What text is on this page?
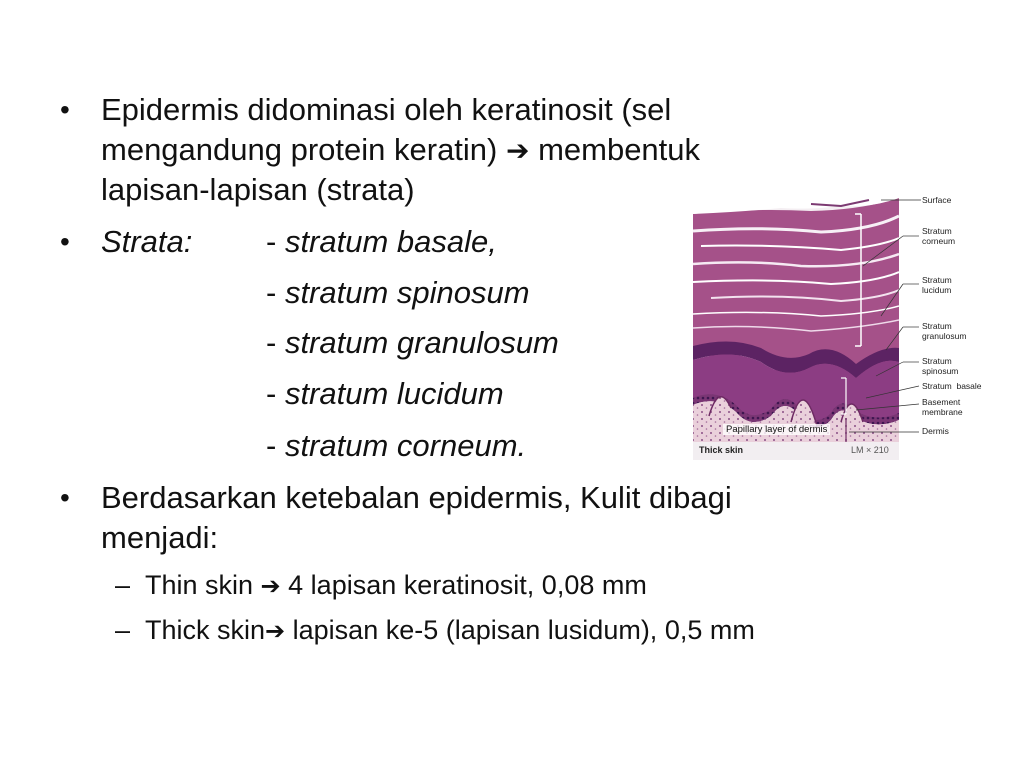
• Epidermis didominasi oleh keratinosit (sel
mengandung protein keratin) ➔ membentuk
lapisan-lapisan (strata)
• Strata: - stratum basale,
- stratum spinosum
- stratum granulosum
- stratum lucidum
- stratum corneum.
• Berdasarkan ketebalan epidermis, Kulit dibagi
menjadi:
– Thin skin ➔ 4 lapisan keratinosit, 0,08 mm
– Thick skin➔ lapisan ke-5 (lapisan lusidum), 0,5 mm
Surface
Stratum
corneum
Stratum
lucidum
Stratum
granulosum
Stratum
spinosum
Stratum  basale
Basement
membrane
Dermis
Papillary layer of dermis
Thick skin	LM × 210
